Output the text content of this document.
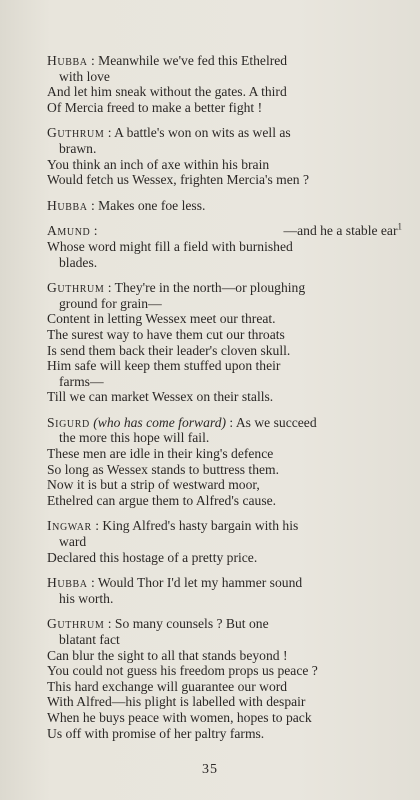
Hubba : Meanwhile we've fed this Ethelred
with love
And let him sneak without the gates. A third
Of Mercia freed to make a better fight !
Guthrum : A battle's won on wits as well as
brawn.
You think an inch of axe within his brain
Would fetch us Wessex, frighten Mercia's men ?
Hubba : Makes one foe less.
Amund	—and he a stable ear$^1$
:
Whose word might fill a field with burnished
blades.
Guthrum : They're in the north—or ploughing
ground for grain—
Content in letting Wessex meet our threat.
The surest way to have them cut our throats
Is send them back their leader's cloven skull.
Him safe will keep them stuffed upon their
farms—
Till we can market Wessex on their stalls.
Sigurd (who has come forward) : As we succeed
the more this hope will fail.
These men are idle in their king's defence
So long as Wessex stands to buttress them.
Now it is but a strip of westward moor,
Ethelred can argue them to Alfred's cause.
Ingwar : King Alfred's hasty bargain with his
ward
Declared this hostage of a pretty price.
Hubba : Would Thor I'd let my hammer sound
his worth.
Guthrum : So many counsels ? But one
blatant fact
Can blur the sight to all that stands beyond !
You could not guess his freedom props us peace ?
This hard exchange will guarantee our word
With Alfred—his plight is labelled with despair
When he buys peace with women, hopes to pack
Us off with promise of her paltry farms.
35
